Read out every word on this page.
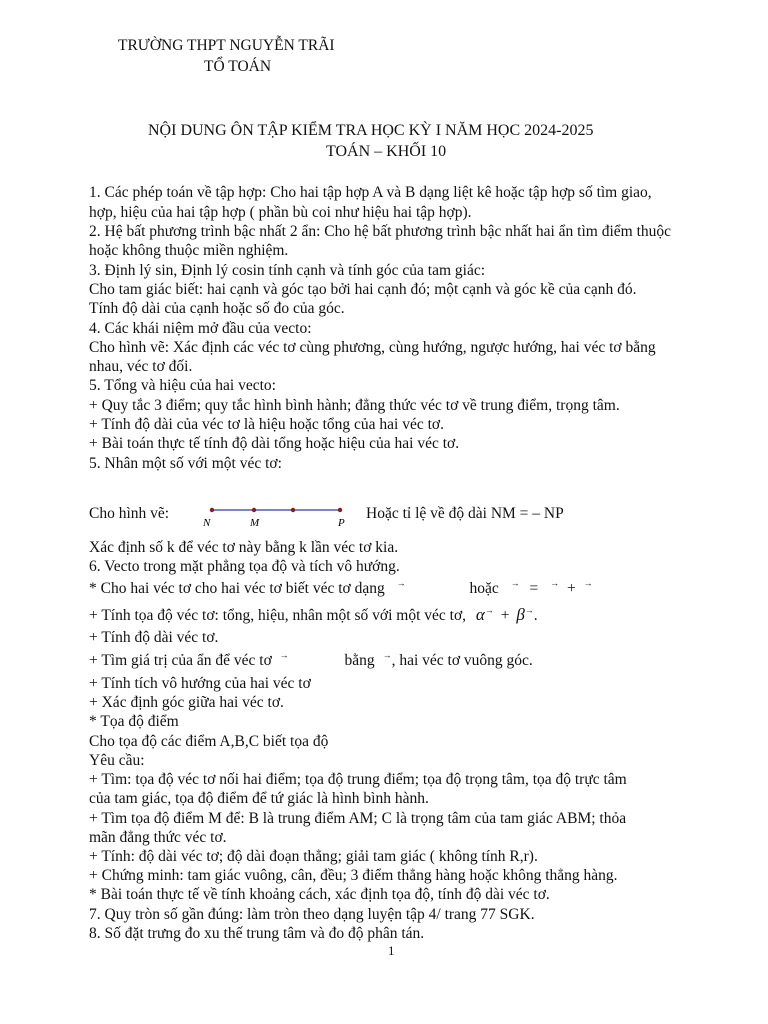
TRƯỜNG THPT NGUYỄN TRÃI
TỔ TOÁN
NỘI DUNG ÔN TẬP KIỂM TRA HỌC KỲ I NĂM HỌC 2024-2025
TOÁN – KHỐI 10
1. Các phép toán về tập hợp: Cho hai tập hợp A và B dạng liệt kê hoặc tập hợp số tìm giao,
hợp, hiệu của hai tập hợp ( phần bù coi như hiệu hai tập hợp).
2. Hệ bất phương trình bậc nhất 2 ẩn: Cho hệ bất phương trình bậc nhất hai ẩn tìm điểm thuộc
hoặc không thuộc miền nghiệm.
3. Định lý sin, Định lý cosin tính cạnh và tính góc của tam giác:
Cho tam giác biết: hai cạnh và góc tạo bởi hai cạnh đó; một cạnh và góc kề của cạnh đó.
Tính độ dài của cạnh hoặc số đo của góc.
4. Các khái niệm mở đầu của vecto:
Cho hình vẽ: Xác định các véc tơ cùng phương, cùng hướng, ngược hướng, hai véc tơ bằng
nhau, véc tơ đối.
5. Tổng và hiệu của hai vecto:
+ Quy tắc 3 điểm; quy tắc hình bình hành; đẳng thức véc tơ về trung điểm, trọng tâm.
+ Tính độ dài của véc tơ là hiệu hoặc tổng của hai véc tơ.
+ Bài toán thực tế tính độ dài tổng hoặc hiệu của hai véc tơ.
5. Nhân một số với một véc tơ:
Cho hình vẽ:
N	M	P
Hoặc tỉ lệ về độ dài NM = – NP
Xác định số k để véc tơ này bằng k lần véc tơ kia.
6. Vecto trong mặt phẳng tọa độ và tích vô hướng.
* Cho hai véc tơ cho hai véc tơ biết véc tơ dạng →	hoặc → = → + →
+ Tính tọa độ véc tơ: tổng, hiệu, nhân một số với một véc tơ, α→ + β→.
+ Tính độ dài véc tơ.
+ Tìm giá trị của ẩn để véc tơ →	bằng →, hai véc tơ vuông góc.
+ Tính tích vô hướng của hai véc tơ
+ Xác định góc giữa hai véc tơ.
* Tọa độ điểm
Cho tọa độ các điểm A,B,C biết tọa độ
Yêu cầu:
+ Tìm: tọa độ véc tơ nối hai điểm; tọa độ trung điểm; tọa độ trọng tâm, tọa độ trực tâm
của tam giác, tọa độ điểm để tứ giác là hình bình hành.
+ Tìm tọa độ điểm M để: B là trung điểm AM; C là trọng tâm của tam giác ABM; thỏa
mãn đẳng thức véc tơ.
+ Tính: độ dài véc tơ; độ dài đoạn thẳng; giải tam giác ( không tính R,r).
+ Chứng minh: tam giác vuông, cân, đều; 3 điểm thẳng hàng hoặc không thẳng hàng.
* Bài toán thực tế về tính khoảng cách, xác định tọa độ, tính độ dài véc tơ.
7. Quy tròn số gần đúng: làm tròn theo dạng luyện tập 4/ trang 77 SGK.
8. Số đặt trưng đo xu thế trung tâm và đo độ phân tán.
1
